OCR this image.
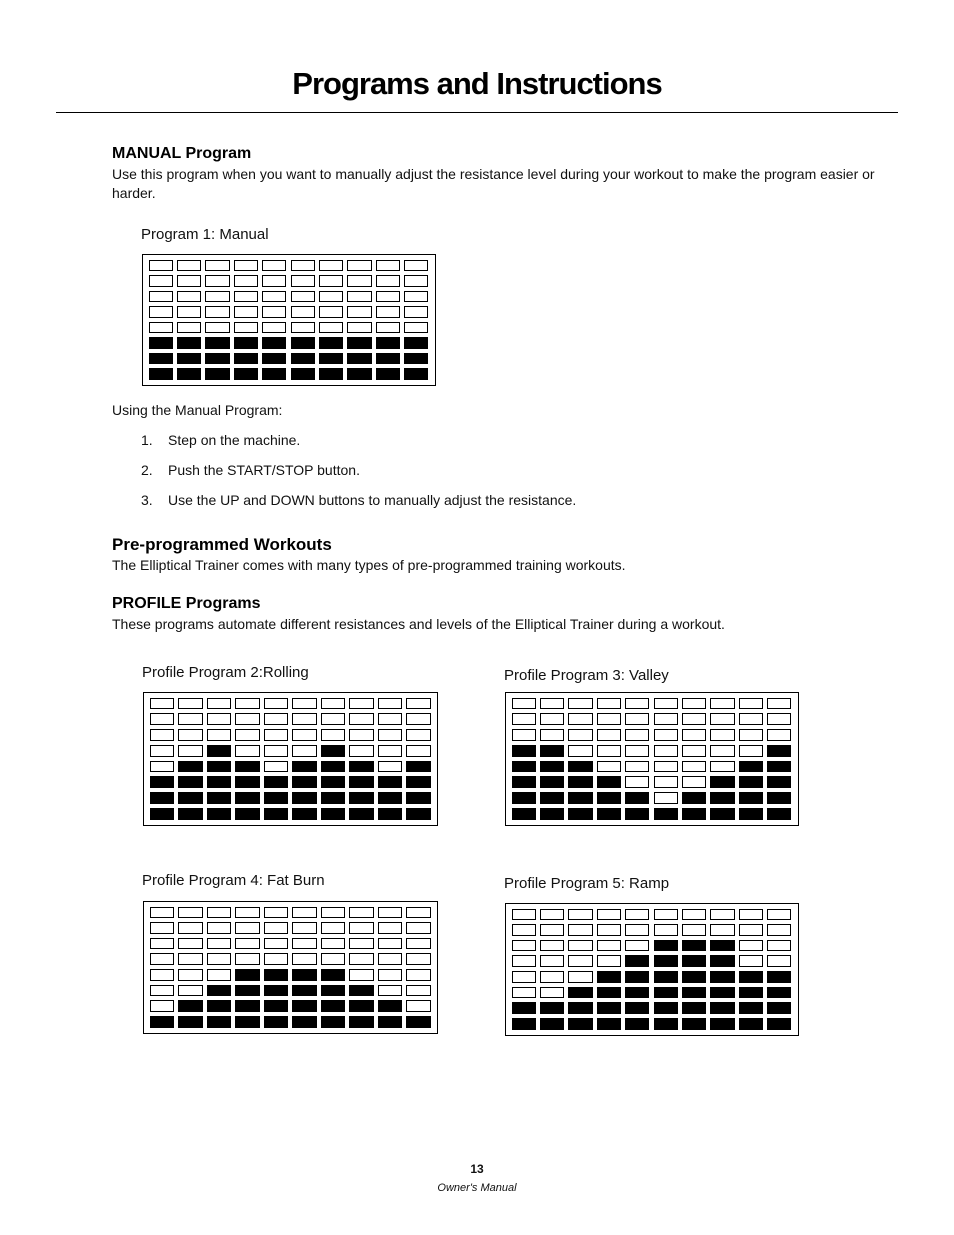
Programs and Instructions
MANUAL Program
Use this program when you want to manually adjust the resistance level during your workout to make the program easier or harder.
Program 1: Manual
Using the Manual Program:
1. Step on the machine.
2. Push the START/STOP button.
3. Use the UP and DOWN buttons to manually adjust the resistance.
Pre-programmed Workouts
The Elliptical Trainer comes with many types of pre-programmed training workouts.
PROFILE Programs
These programs automate different resistances and levels of the Elliptical Trainer during a workout.
Profile Program 2:Rolling	Profile Program 3: Valley
Profile Program 4: Fat Burn	Profile Program 5: Ramp
13
Owner's Manual
